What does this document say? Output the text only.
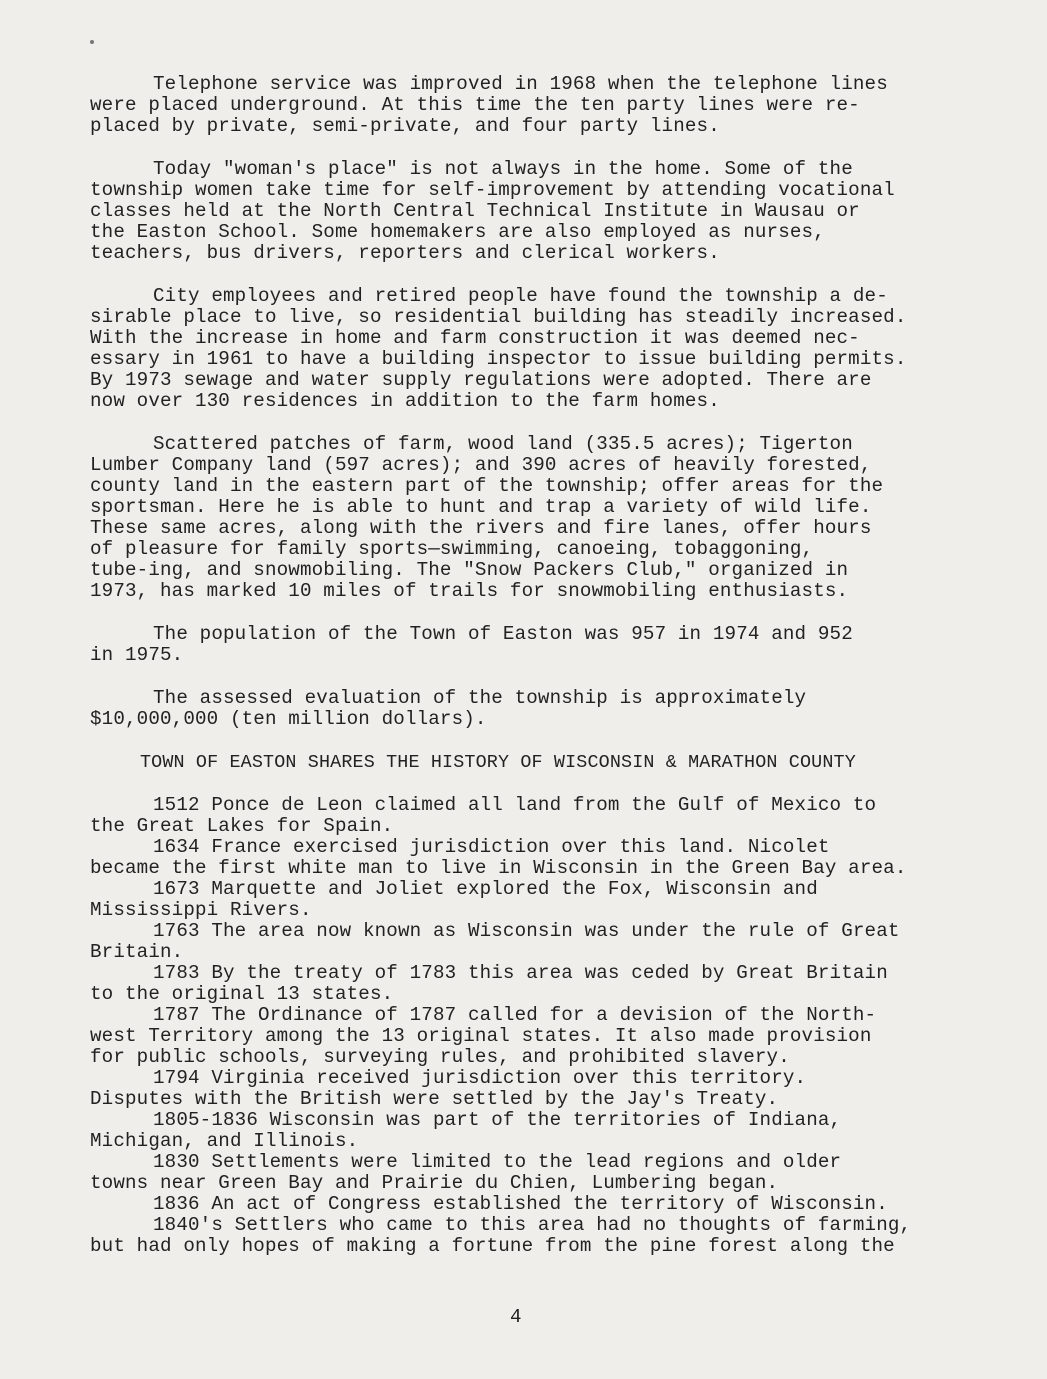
Telephone service was improved in 1968 when the telephone lines
were placed underground. At this time the ten party lines were re-
placed by private, semi-private, and four party lines.
Today "woman's place" is not always in the home. Some of the
township women take time for self-improvement by attending vocational
classes held at the North Central Technical Institute in Wausau or
the Easton School. Some homemakers are also employed as nurses,
teachers, bus drivers, reporters and clerical workers.
City employees and retired people have found the township a de-
sirable place to live, so residential building has steadily increased.
With the increase in home and farm construction it was deemed nec-
essary in 1961 to have a building inspector to issue building permits.
By 1973 sewage and water supply regulations were adopted. There are
now over 130 residences in addition to the farm homes.
Scattered patches of farm, wood land (335.5 acres); Tigerton
Lumber Company land (597 acres); and 390 acres of heavily forested,
county land in the eastern part of the township; offer areas for the
sportsman. Here he is able to hunt and trap a variety of wild life.
These same acres, along with the rivers and fire lanes, offer hours
of pleasure for family sports—swimming, canoeing, tobaggoning,
tube-ing, and snowmobiling. The "Snow Packers Club," organized in
1973, has marked 10 miles of trails for snowmobiling enthusiasts.
The population of the Town of Easton was 957 in 1974 and 952
in 1975.
The assessed evaluation of the township is approximately
$10,000,000 (ten million dollars).
TOWN OF EASTON SHARES THE HISTORY OF WISCONSIN & MARATHON COUNTY
1512 Ponce de Leon claimed all land from the Gulf of Mexico to
the Great Lakes for Spain.
1634 France exercised jurisdiction over this land. Nicolet
became the first white man to live in Wisconsin in the Green Bay area.
1673 Marquette and Joliet explored the Fox, Wisconsin and
Mississippi Rivers.
1763 The area now known as Wisconsin was under the rule of Great
Britain.
1783 By the treaty of 1783 this area was ceded by Great Britain
to the original 13 states.
1787 The Ordinance of 1787 called for a devision of the North-
west Territory among the 13 original states. It also made provision
for public schools, surveying rules, and prohibited slavery.
1794 Virginia received jurisdiction over this territory.
Disputes with the British were settled by the Jay's Treaty.
1805-1836 Wisconsin was part of the territories of Indiana,
Michigan, and Illinois.
1830 Settlements were limited to the lead regions and older
towns near Green Bay and Prairie du Chien, Lumbering began.
1836 An act of Congress established the territory of Wisconsin.
1840's Settlers who came to this area had no thoughts of farming,
but had only hopes of making a fortune from the pine forest along the
4
